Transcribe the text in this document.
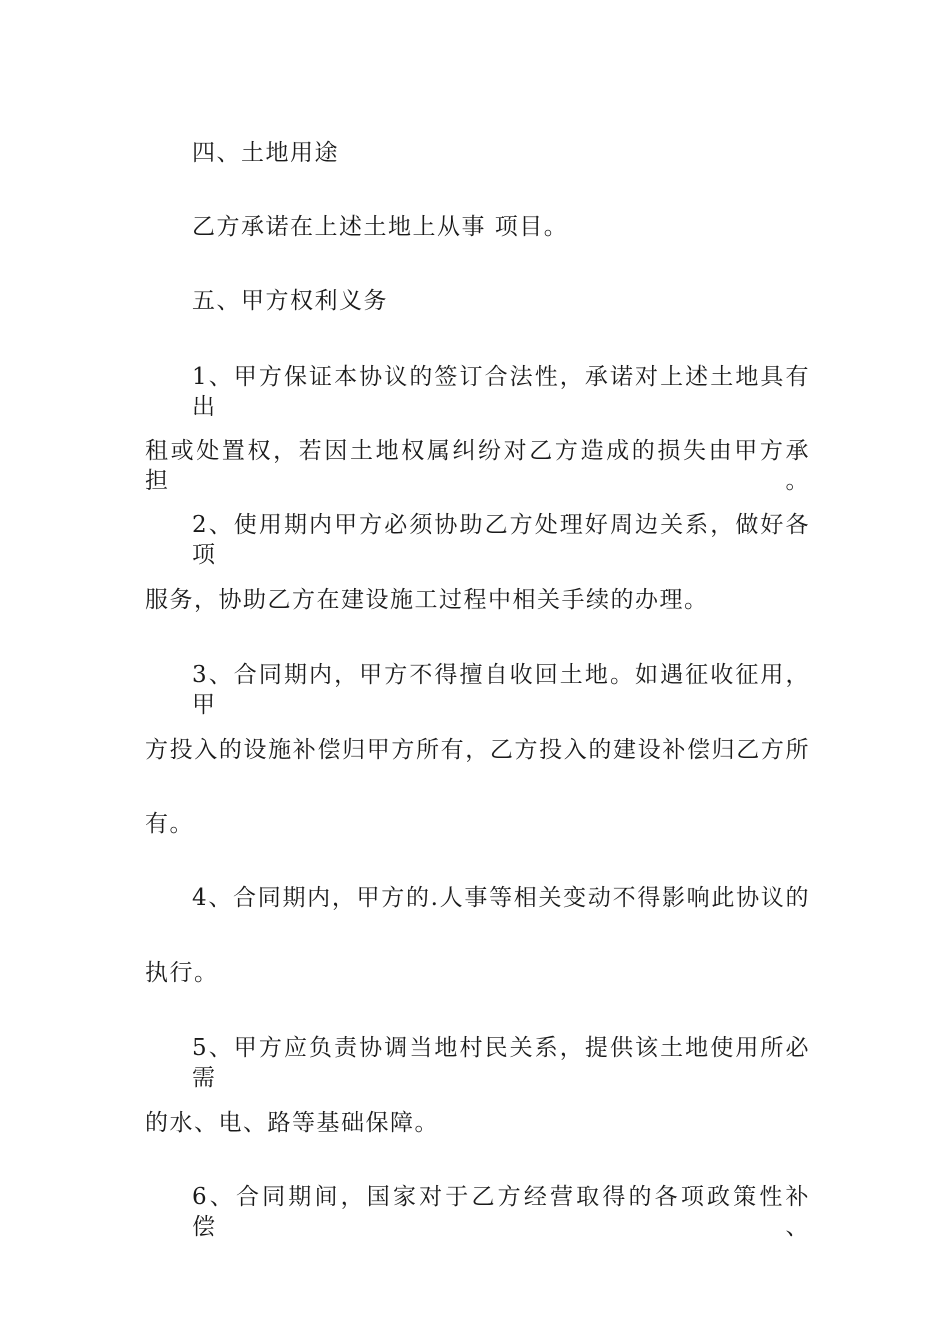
四、土地用途
乙方承诺在上述土地上从事 项目。
五、甲方权利义务
1、甲方保证本协议的签订合法性，承诺对上述土地具有出
租或处置权，若因土地权属纠纷对乙方造成的损失由甲方承担。
2、使用期内甲方必须协助乙方处理好周边关系，做好各项
服务，协助乙方在建设施工过程中相关手续的办理。
3、合同期内，甲方不得擅自收回土地。如遇征收征用，甲
方投入的设施补偿归甲方所有，乙方投入的建设补偿归乙方所
有。
4、合同期内，甲方的.人事等相关变动不得影响此协议的
执行。
5、甲方应负责协调当地村民关系，提供该土地使用所必需
的水、电、路等基础保障。
6、合同期间，国家对于乙方经营取得的各项政策性补偿、
